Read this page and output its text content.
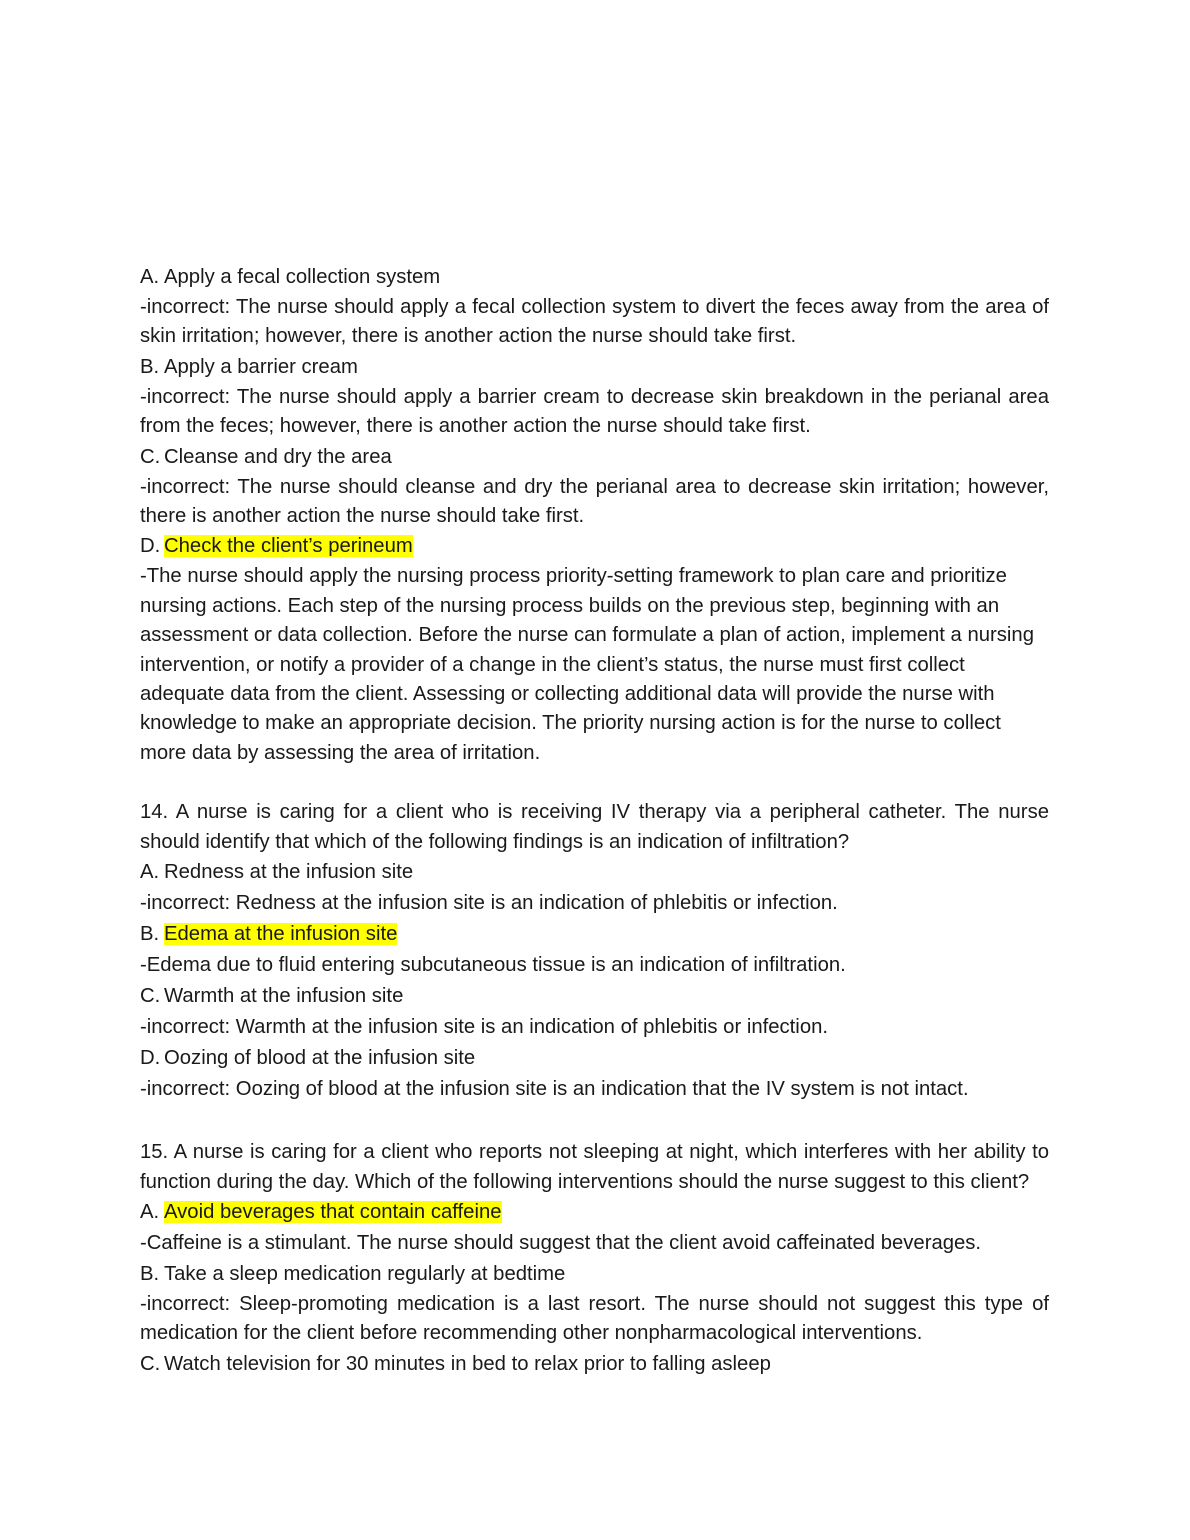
A. Apply a fecal collection system

-incorrect: The nurse should apply a fecal collection system to divert the feces away from the area of skin irritation; however, there is another action the nurse should take first.

B. Apply a barrier cream

-incorrect: The nurse should apply a barrier cream to decrease skin breakdown in the perianal area from the feces; however, there is another action the nurse should take first.

C. Cleanse and dry the area

-incorrect: The nurse should cleanse and dry the perianal area to decrease skin irritation; however, there is another action the nurse should take first.

D. Check the client’s perineum

-The nurse should apply the nursing process priority-setting framework to plan care and prioritize nursing actions. Each step of the nursing process builds on the previous step, beginning with an assessment or data collection. Before the nurse can formulate a plan of action, implement a nursing intervention, or notify a provider of a change in the client’s status, the nurse must first collect adequate data from the client. Assessing or collecting additional data will provide the nurse with knowledge to make an appropriate decision. The priority nursing action is for the nurse to collect more data by assessing the area of irritation.

14. A nurse is caring for a client who is receiving IV therapy via a peripheral catheter. The nurse should identify that which of the following findings is an indication of infiltration?

A. Redness at the infusion site

-incorrect: Redness at the infusion site is an indication of phlebitis or infection.

B. Edema at the infusion site

-Edema due to fluid entering subcutaneous tissue is an indication of infiltration.

C. Warmth at the infusion site

-incorrect: Warmth at the infusion site is an indication of phlebitis or infection.

D. Oozing of blood at the infusion site

-incorrect: Oozing of blood at the infusion site is an indication that the IV system is not intact.

15. A nurse is caring for a client who reports not sleeping at night, which interferes with her ability to function during the day. Which of the following interventions should the nurse suggest to this client?

A. Avoid beverages that contain caffeine

-Caffeine is a stimulant. The nurse should suggest that the client avoid caffeinated beverages.

B. Take a sleep medication regularly at bedtime

-incorrect: Sleep-promoting medication is a last resort. The nurse should not suggest this type of medication for the client before recommending other nonpharmacological interventions.

C. Watch television for 30 minutes in bed to relax prior to falling asleep
